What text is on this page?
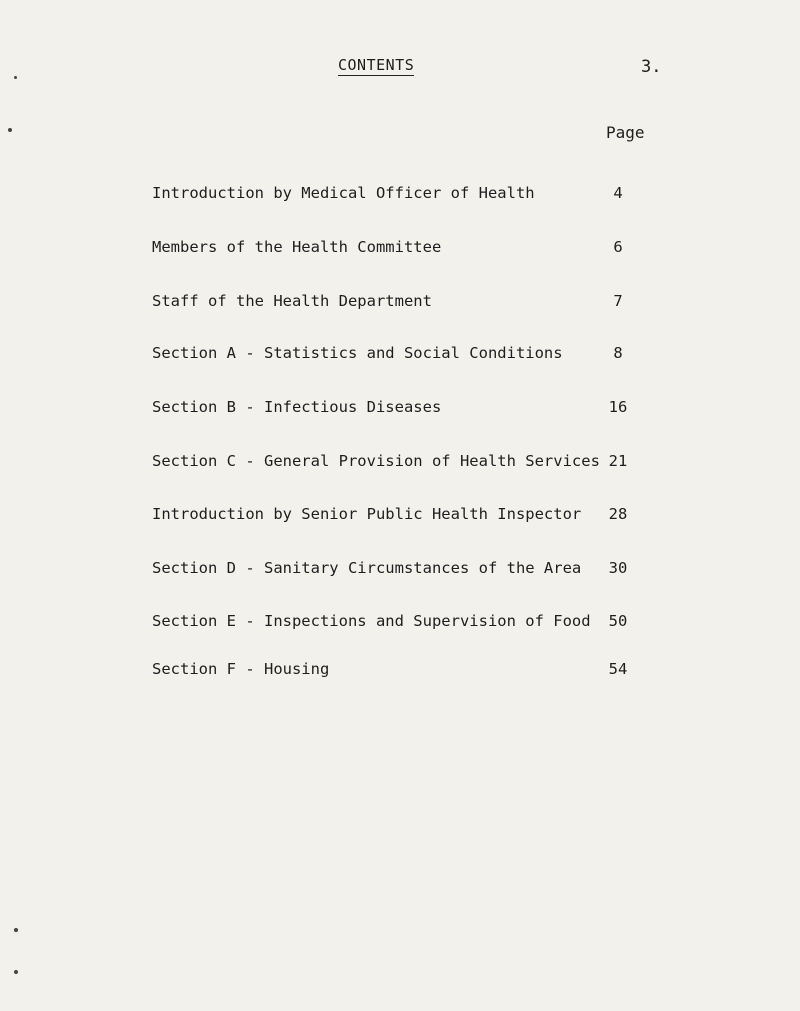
CONTENTS	3.
Page
Introduction by Medical Officer of Health	4
Members of the Health Committee	6
Staff of the Health Department	7
Section A - Statistics and Social Conditions	8
Section B - Infectious Diseases	16
Section C - General Provision of Health Services 21
Introduction by Senior Public Health Inspector	28
Section D - Sanitary Circumstances of the Area	30
Section E - Inspections and Supervision of Food	50
Section F - Housing	54
